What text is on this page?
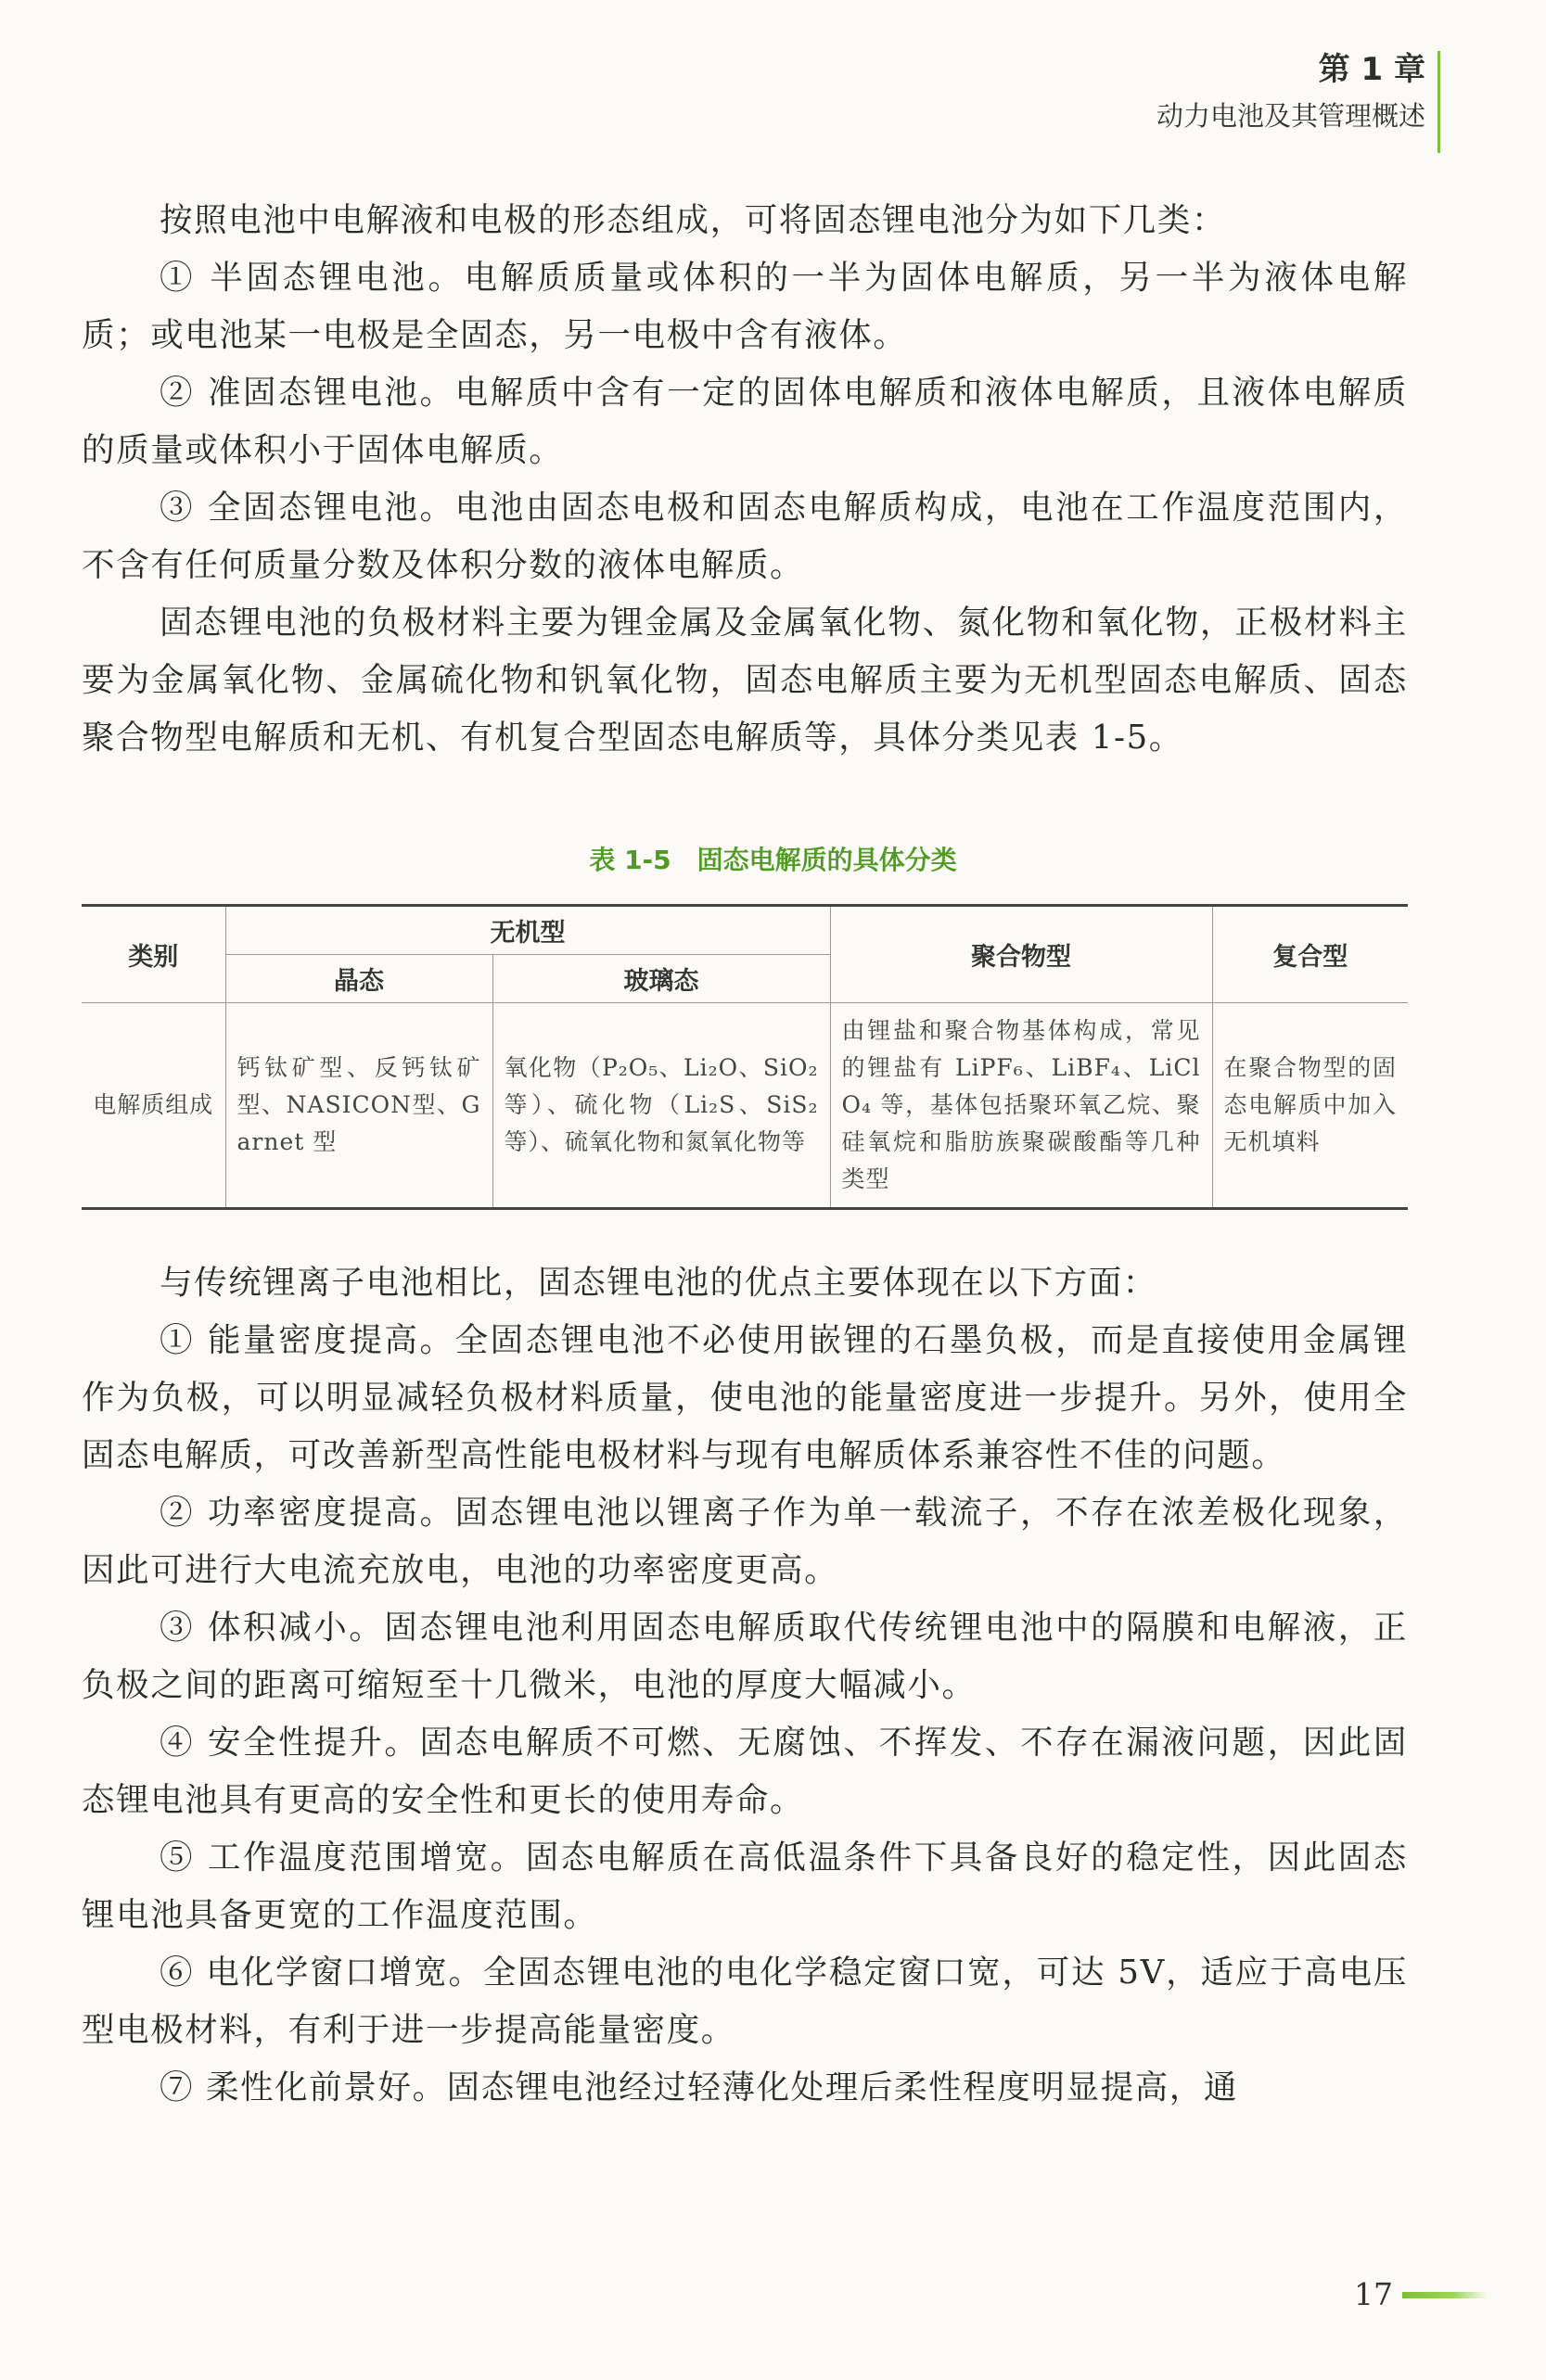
第 1 章
动力电池及其管理概述

按照电池中电解液和电极的形态组成，可将固态锂电池分为如下几类：

① 半固态锂电池。电解质质量或体积的一半为固体电解质，另一半为液体电解质；或电池某一电极是全固态，另一电极中含有液体。

② 准固态锂电池。电解质中含有一定的固体电解质和液体电解质，且液体电解质的质量或体积小于固体电解质。

③ 全固态锂电池。电池由固态电极和固态电解质构成，电池在工作温度范围内，不含有任何质量分数及体积分数的液体电解质。

固态锂电池的负极材料主要为锂金属及金属氧化物、氮化物和氧化物，正极材料主要为金属氧化物、金属硫化物和钒氧化物，固态电解质主要为无机型固态电解质、固态聚合物型电解质和无机、有机复合型固态电解质等，具体分类见表 1-5。

表 1-5　固态电解质的具体分类
类别	无机型		聚合物型	复合型
	晶态	玻璃态		
电解质组成	钙钛矿型、反钙钛矿型、NASICON型、Garnet 型	氧化物（P₂O₅、Li₂O、SiO₂ 等）、硫化物（Li₂S、SiS₂ 等）、硫氧化物和氮氧化物等	由锂盐和聚合物基体构成，常见的锂盐有 LiPF₆、LiBF₄、LiClO₄ 等，基体包括聚环氧乙烷、聚硅氧烷和脂肪族聚碳酸酯等几种类型	在聚合物型的固态电解质中加入无机填料

与传统锂离子电池相比，固态锂电池的优点主要体现在以下方面：

① 能量密度提高。全固态锂电池不必使用嵌锂的石墨负极，而是直接使用金属锂作为负极，可以明显减轻负极材料质量，使电池的能量密度进一步提升。另外，使用全固态电解质，可改善新型高性能电极材料与现有电解质体系兼容性不佳的问题。

② 功率密度提高。固态锂电池以锂离子作为单一载流子，不存在浓差极化现象，因此可进行大电流充放电，电池的功率密度更高。

③ 体积减小。固态锂电池利用固态电解质取代传统锂电池中的隔膜和电解液，正负极之间的距离可缩短至十几微米，电池的厚度大幅减小。

④ 安全性提升。固态电解质不可燃、无腐蚀、不挥发、不存在漏液问题，因此固态锂电池具有更高的安全性和更长的使用寿命。

⑤ 工作温度范围增宽。固态电解质在高低温条件下具备良好的稳定性，因此固态锂电池具备更宽的工作温度范围。

⑥ 电化学窗口增宽。全固态锂电池的电化学稳定窗口宽，可达 5V，适应于高电压型电极材料，有利于进一步提高能量密度。

⑦ 柔性化前景好。固态锂电池经过轻薄化处理后柔性程度明显提高，通

17
